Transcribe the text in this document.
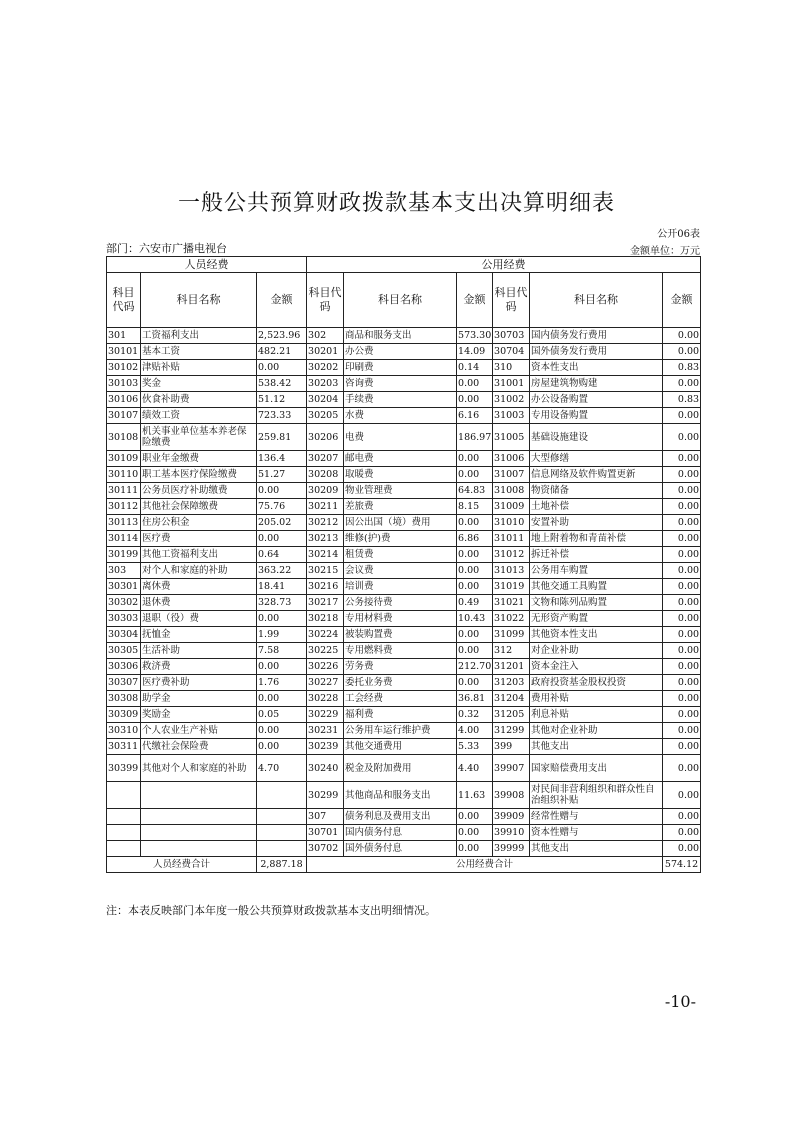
一般公共预算财政拨款基本支出决算明细表
公开06表
部门：六安市广播电视台	金额单位：万元
人员经费			公用经费					
科目代码	科目名称	金额	科目代码	科目名称	金额	科目代码	科目名称	金额
301	工资福利支出	2,523.96	302	商品和服务支出	573.30	30703	国内债务发行费用	0.00
30101	基本工资	482.21	30201	办公费	14.09	30704	国外债务发行费用	0.00
30102	津贴补贴	0.00	30202	印刷费	0.14	310	资本性支出	0.83
30103	奖金	538.42	30203	咨询费	0.00	31001	房屋建筑物购建	0.00
30106	伙食补助费	51.12	30204	手续费	0.00	31002	办公设备购置	0.83
30107	绩效工资	723.33	30205	水费	6.16	31003	专用设备购置	0.00
30108	机关事业单位基本养老保险缴费	259.81	30206	电费	186.97	31005	基础设施建设	0.00
30109	职业年金缴费	136.4	30207	邮电费	0.00	31006	大型修缮	0.00
30110	职工基本医疗保险缴费	51.27	30208	取暖费	0.00	31007	信息网络及软件购置更新	0.00
30111	公务员医疗补助缴费	0.00	30209	物业管理费	64.83	31008	物资储备	0.00
30112	其他社会保障缴费	75.76	30211	差旅费	8.15	31009	土地补偿	0.00
30113	住房公积金	205.02	30212	因公出国（境）费用	0.00	31010	安置补助	0.00
30114	医疗费	0.00	30213	维修(护)费	6.86	31011	地上附着物和青苗补偿	0.00
30199	其他工资福利支出	0.64	30214	租赁费	0.00	31012	拆迁补偿	0.00
303	对个人和家庭的补助	363.22	30215	会议费	0.00	31013	公务用车购置	0.00
30301	离休费	18.41	30216	培训费	0.00	31019	其他交通工具购置	0.00
30302	退休费	328.73	30217	公务接待费	0.49	31021	文物和陈列品购置	0.00
30303	退职（役）费	0.00	30218	专用材料费	10.43	31022	无形资产购置	0.00
30304	抚恤金	1.99	30224	被装购置费	0.00	31099	其他资本性支出	0.00
30305	生活补助	7.58	30225	专用燃料费	0.00	312	对企业补助	0.00
30306	救济费	0.00	30226	劳务费	212.70	31201	资本金注入	0.00
30307	医疗费补助	1.76	30227	委托业务费	0.00	31203	政府投资基金股权投资	0.00
30308	助学金	0.00	30228	工会经费	36.81	31204	费用补贴	0.00
30309	奖励金	0.05	30229	福利费	0.32	31205	利息补贴	0.00
30310	个人农业生产补贴	0.00	30231	公务用车运行维护费	4.00	31299	其他对企业补助	0.00
30311	代缴社会保险费	0.00	30239	其他交通费用	5.33	399	其他支出	0.00
30399	其他对个人和家庭的补助	4.70	30240	税金及附加费用	4.40	39907	国家赔偿费用支出	0.00
			30299	其他商品和服务支出	11.63	39908	对民间非营利组织和群众性自治组织补贴	0.00
			307	债务利息及费用支出	0.00	39909	经常性赠与	0.00
			30701	国内债务付息	0.00	39910	资本性赠与	0.00
			30702	国外债务付息	0.00	39999	其他支出	0.00
人员经费合计		2,887.18	公用经费合计					574.12
注：本表反映部门本年度一般公共预算财政拨款基本支出明细情况。
-10-
